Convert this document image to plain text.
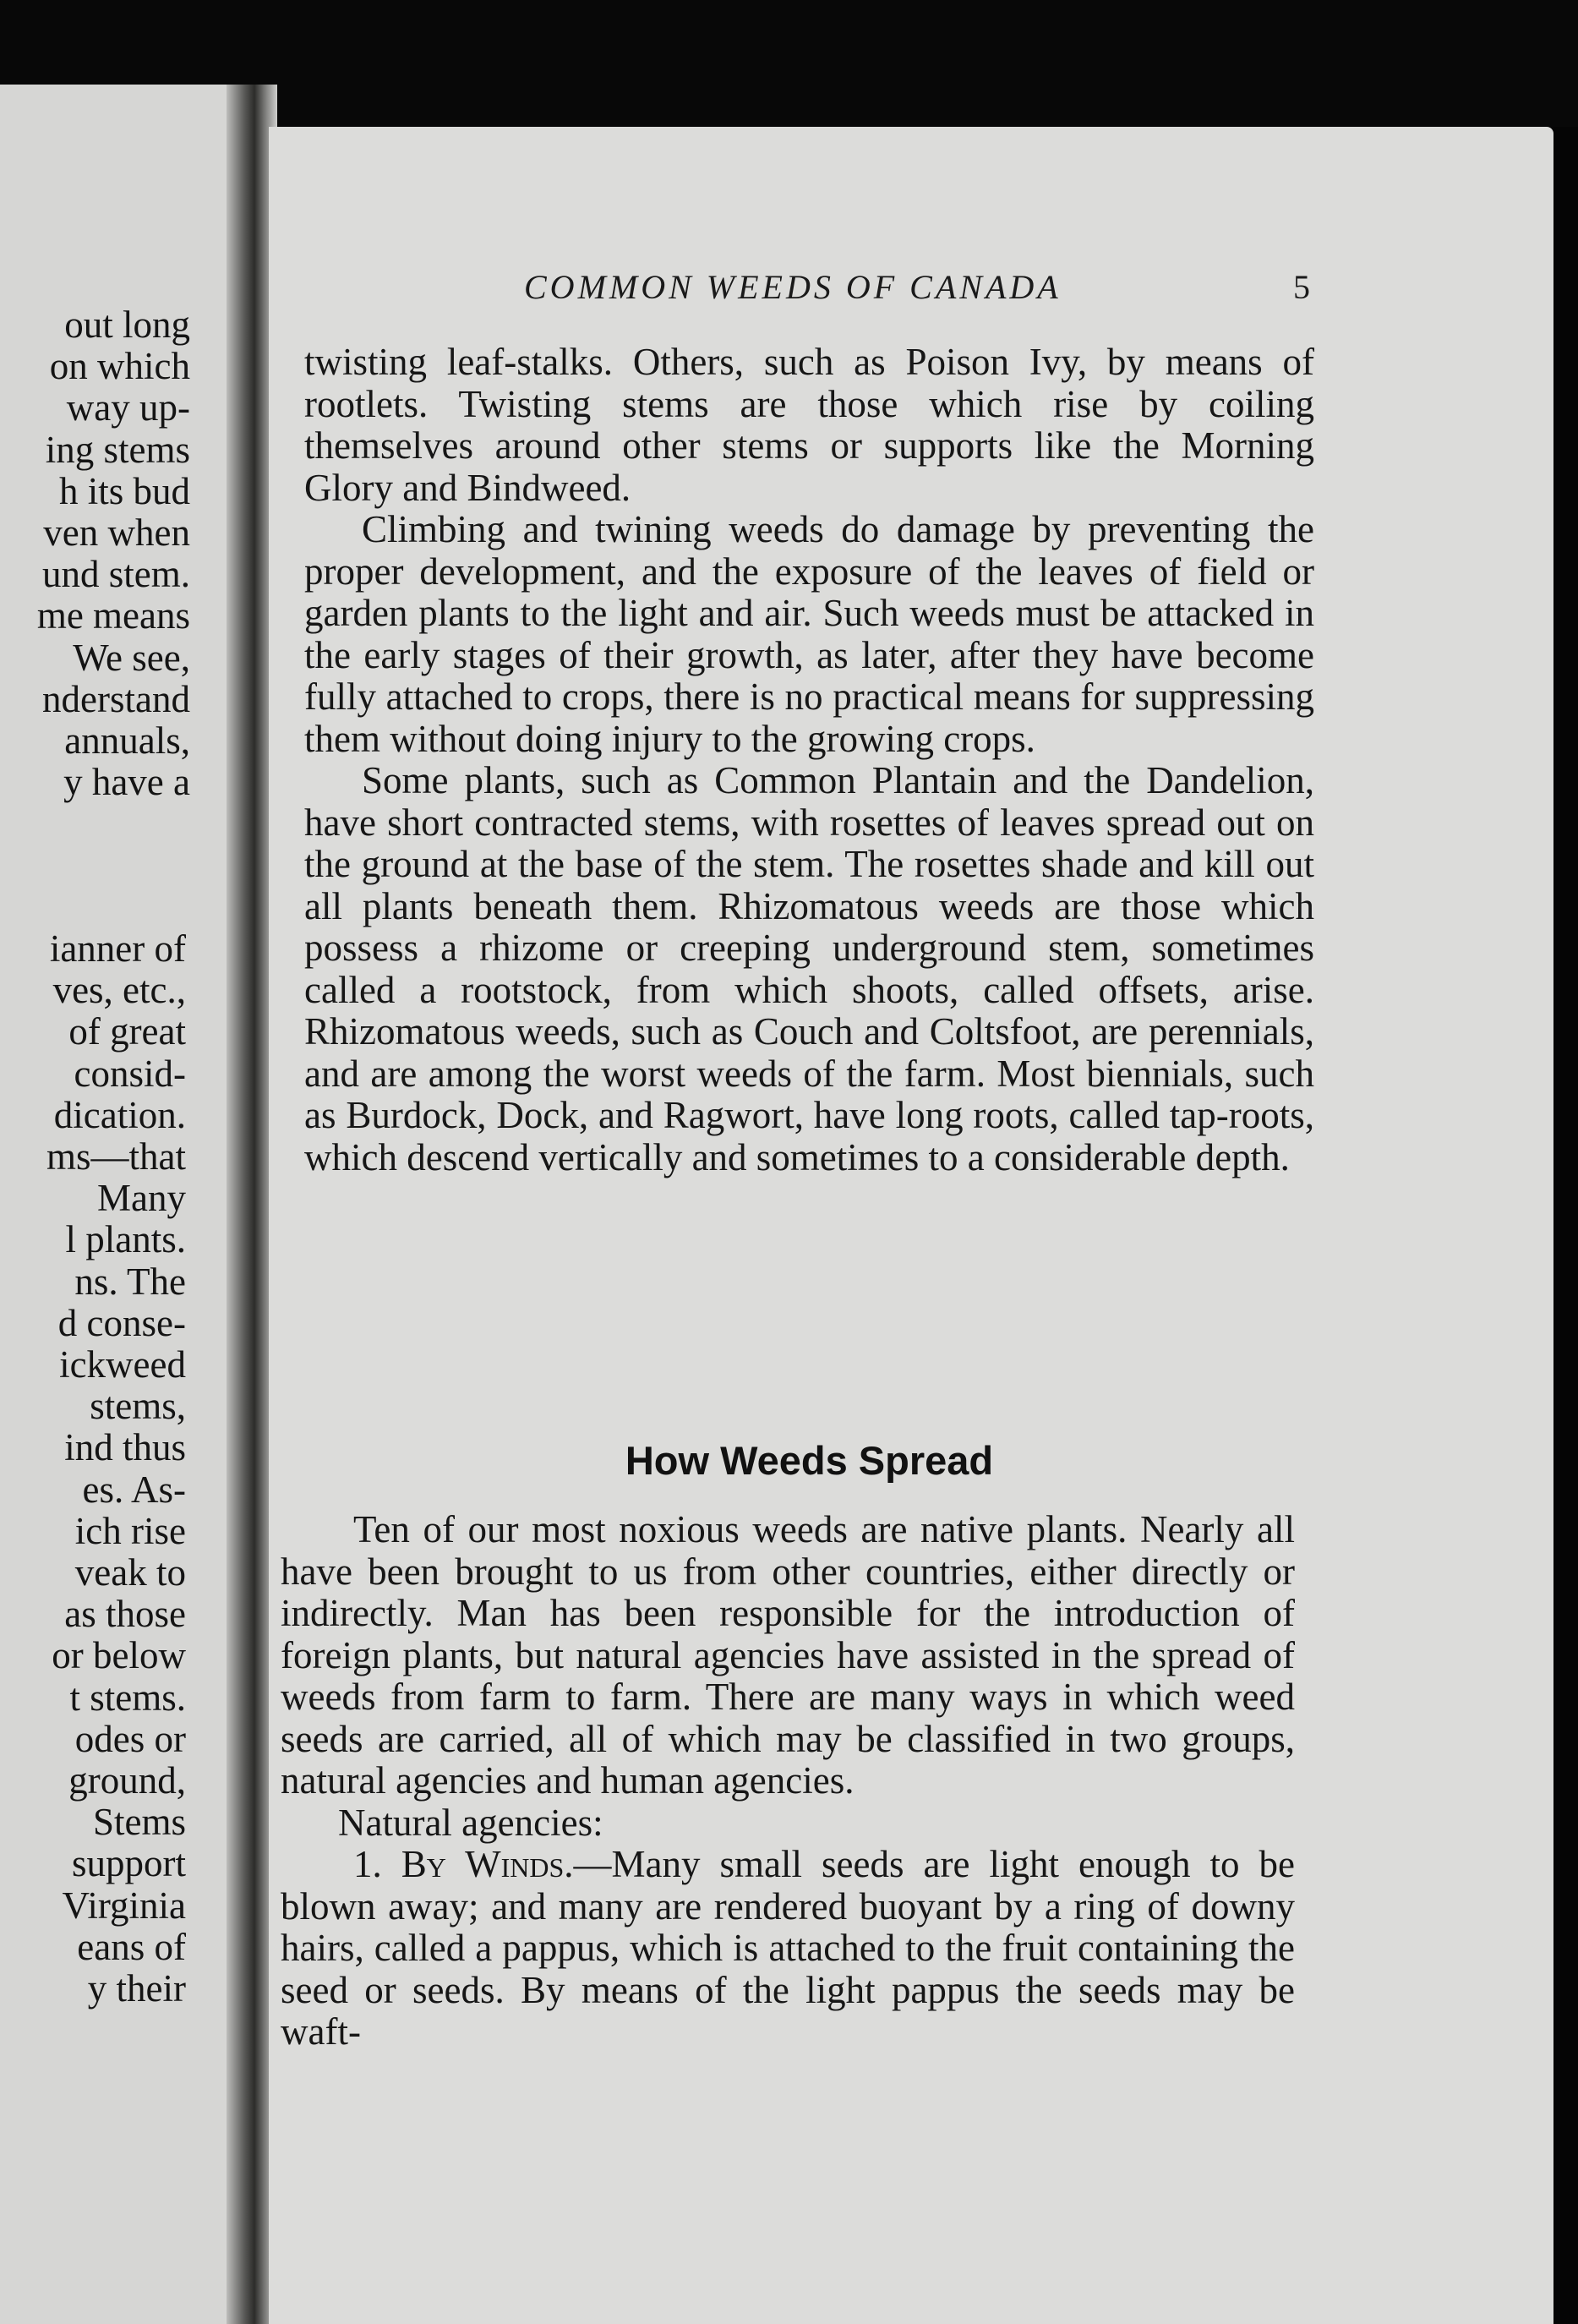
out long
on which
way up-
ing stems
h its bud
ven when
und stem.
me means
We see,
nderstand
annuals,
y have a
ianner of
ves, etc.,
of great
consid-
dication.
ms—that
Many
l plants.
ns. The
d conse-
ickweed
stems,
ind thus
es. As-
ich rise
veak to
as those
or below
t stems.
odes or
ground,
Stems
support
Virginia
eans of
y their
COMMON WEEDS OF CANADA	5

twisting leaf-stalks. Others, such as Poison Ivy, by means of rootlets. Twisting stems are those which rise by coiling themselves around other stems or supports like the Morning Glory and Bindweed.

Climbing and twining weeds do damage by preventing the proper development, and the exposure of the leaves of field or garden plants to the light and air. Such weeds must be attacked in the early stages of their growth, as later, after they have become fully attached to crops, there is no practical means for suppressing them without doing injury to the growing crops.

Some plants, such as Common Plantain and the Dandelion, have short contracted stems, with rosettes of leaves spread out on the ground at the base of the stem. The rosettes shade and kill out all plants beneath them. Rhizomatous weeds are those which possess a rhizome or creeping underground stem, sometimes called a rootstock, from which shoots, called offsets, arise. Rhizomatous weeds, such as Couch and Coltsfoot, are perennials, and are among the worst weeds of the farm. Most biennials, such as Burdock, Dock, and Ragwort, have long roots, called tap-roots, which descend vertically and sometimes to a considerable depth.

How Weeds Spread

Ten of our most noxious weeds are native plants. Nearly all have been brought to us from other countries, either directly or indirectly. Man has been responsible for the introduction of foreign plants, but natural agencies have assisted in the spread of weeds from farm to farm. There are many ways in which weed seeds are carried, all of which may be classified in two groups, natural agencies and human agencies.

Natural agencies:

1. By Winds.—Many small seeds are light enough to be blown away; and many are rendered buoyant by a ring of downy hairs, called a pappus, which is attached to the fruit containing the seed or seeds. By means of the light pappus the seeds may be waft-
